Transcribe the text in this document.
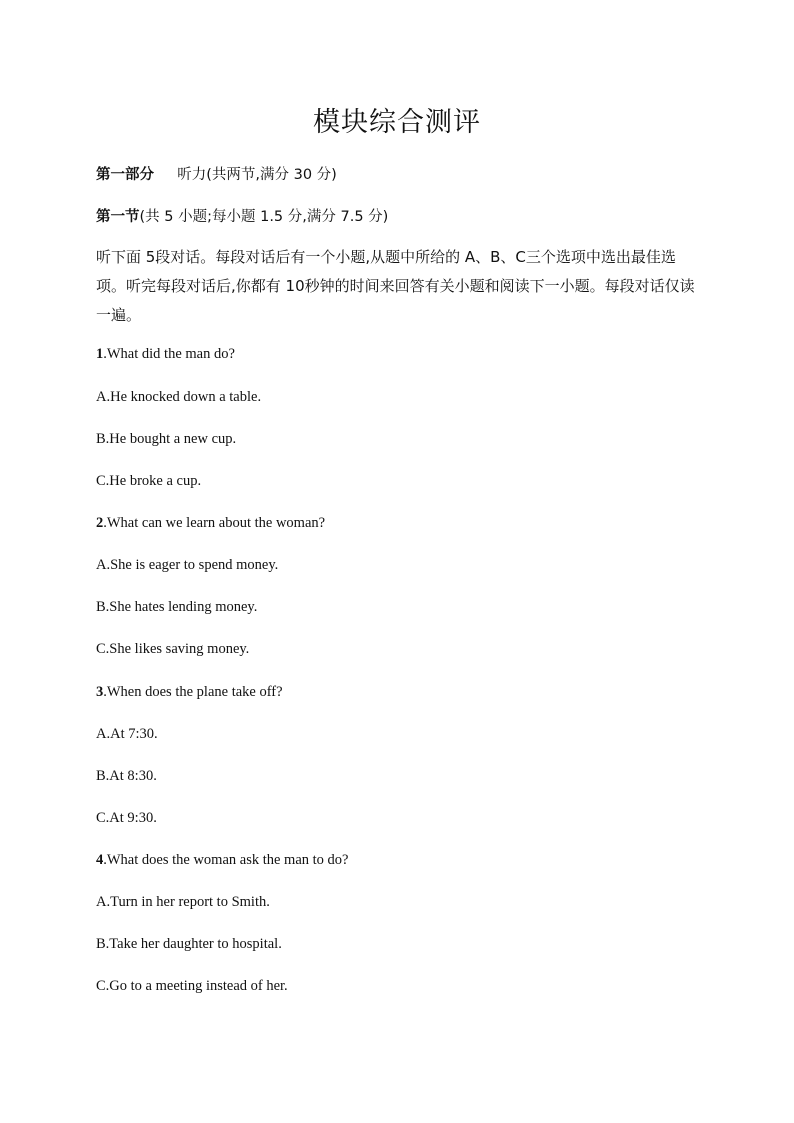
模块综合测评
第一部分 听力(共两节,满分 30 分)
第一节(共 5 小题;每小题 1.5 分,满分 7.5 分)
听下面 5段对话。每段对话后有一个小题,从题中所给的 A、B、C三个选项中选出最佳选项。听完每段对话后,你都有 10秒钟的时间来回答有关小题和阅读下一小题。每段对话仅读一遍。
1.What did the man do?
A.He knocked down a table.
B.He bought a new cup.
C.He broke a cup.
2.What can we learn about the woman?
A.She is eager to spend money.
B.She hates lending money.
C.She likes saving money.
3.When does the plane take off?
A.At 7:30.
B.At 8:30.
C.At 9:30.
4.What does the woman ask the man to do?
A.Turn in her report to Smith.
B.Take her daughter to hospital.
C.Go to a meeting instead of her.
